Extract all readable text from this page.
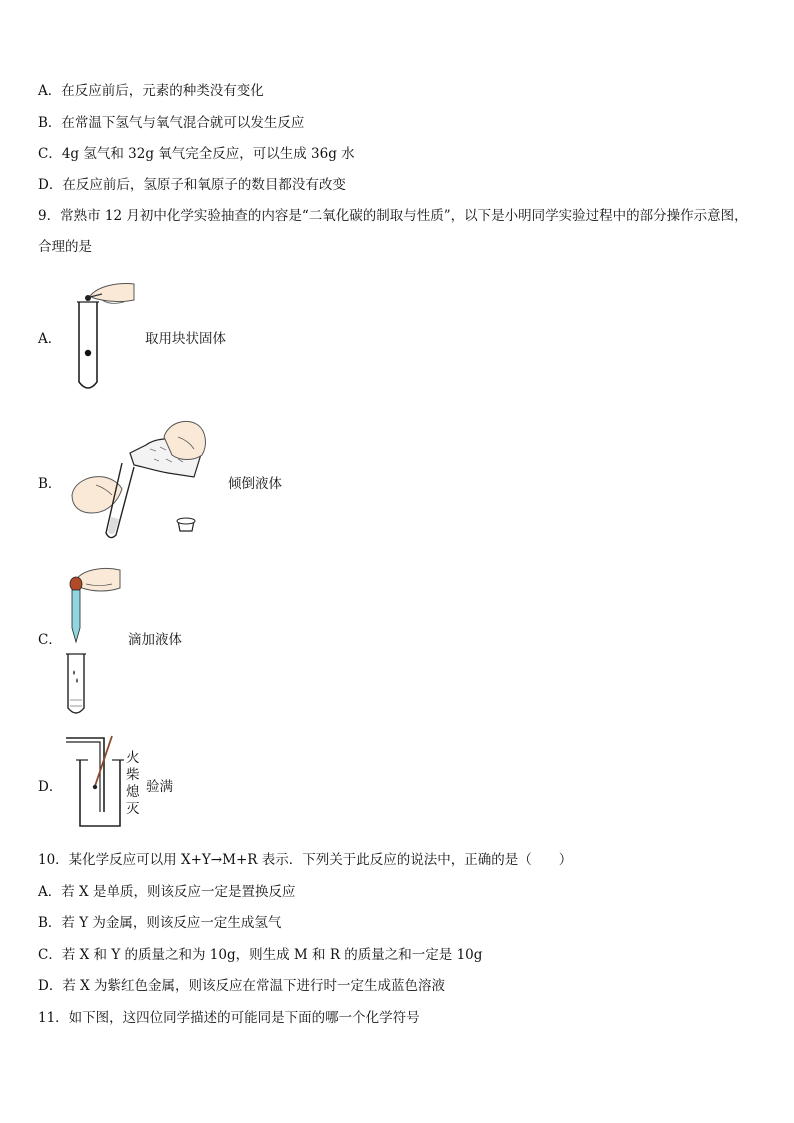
A．在反应前后，元素的种类没有变化
B．在常温下氢气与氧气混合就可以发生反应
C．4g 氢气和 32g 氧气完全反应，可以生成 36g 水
D．在反应前后，氢原子和氧原子的数目都没有改变
9．常熟市 12 月初中化学实验抽查的内容是“二氧化碳的制取与性质”，以下是小明同学实验过程中的部分操作示意图，
合理的是
A．	取用块状固体
B．	倾倒液体
C．	滴加液体
D．
火
柴
熄
灭
验满
10．某化学反应可以用 X+Y→M+R 表示．下列关于此反应的说法中，正确的是（　　）
A．若 X 是单质，则该反应一定是置换反应
B．若 Y 为金属，则该反应一定生成氢气
C．若 X 和 Y 的质量之和为 10g，则生成 M 和 R 的质量之和一定是 10g
D．若 X 为紫红色金属，则该反应在常温下进行时一定生成蓝色溶液
11．如下图，这四位同学描述的可能同是下面的哪一个化学符号
